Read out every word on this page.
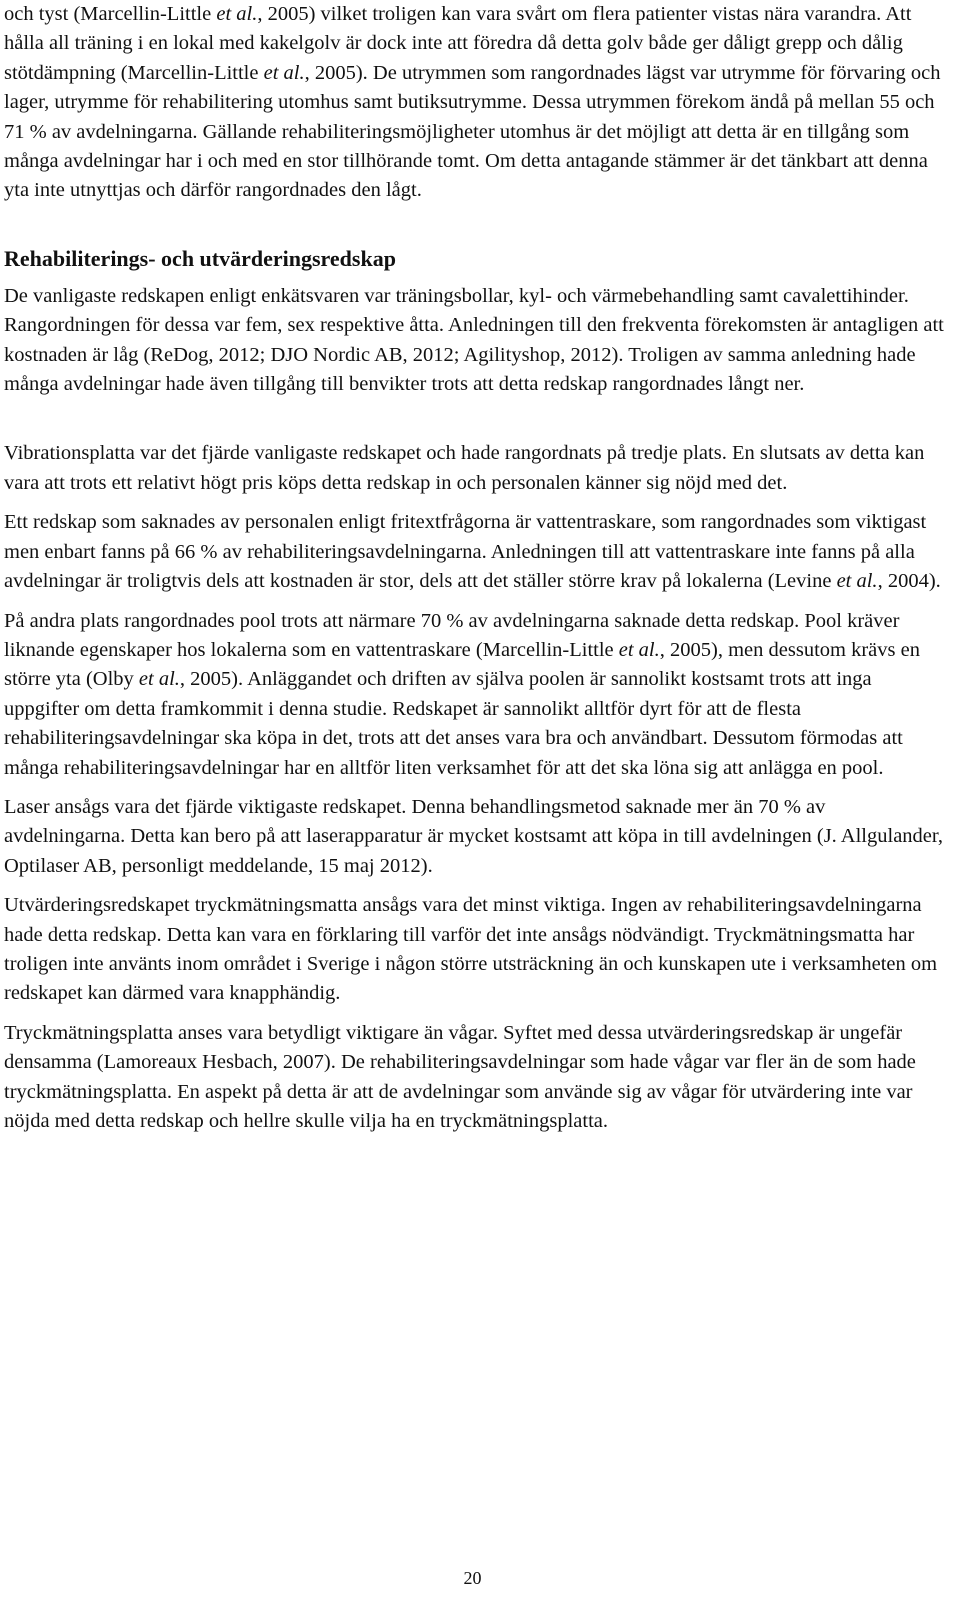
och tyst (Marcellin-Little et al., 2005) vilket troligen kan vara svårt om flera patienter vistas nära varandra. Att hålla all träning i en lokal med kakelgolv är dock inte att föredra då detta golv både ger dåligt grepp och dålig stötdämpning (Marcellin-Little et al., 2005). De utrymmen som rangordnades lägst var utrymme för förvaring och lager, utrymme för rehabilitering utomhus samt butiksutrymme. Dessa utrymmen förekom ändå på mellan 55 och 71 % av avdelningarna. Gällande rehabiliteringsmöjligheter utomhus är det möjligt att detta är en tillgång som många avdelningar har i och med en stor tillhörande tomt. Om detta antagande stämmer är det tänkbart att denna yta inte utnyttjas och därför rangordnades den lågt.

Rehabiliterings- och utvärderingsredskap

De vanligaste redskapen enligt enkätsvaren var träningsbollar, kyl- och värmebehandling samt cavalettihinder. Rangordningen för dessa var fem, sex respektive åtta. Anledningen till den frekventa förekomsten är antagligen att kostnaden är låg (ReDog, 2012; DJO Nordic AB, 2012; Agilityshop, 2012). Troligen av samma anledning hade många avdelningar hade även tillgång till benvikter trots att detta redskap rangordnades långt ner.

Vibrationsplatta var det fjärde vanligaste redskapet och hade rangordnats på tredje plats. En slutsats av detta kan vara att trots ett relativt högt pris köps detta redskap in och personalen känner sig nöjd med det.

Ett redskap som saknades av personalen enligt fritextfrågorna är vattentraskare, som rangordnades som viktigast men enbart fanns på 66 % av rehabiliteringsavdelningarna. Anledningen till att vattentraskare inte fanns på alla avdelningar är troligtvis dels att kostnaden är stor, dels att det ställer större krav på lokalerna (Levine et al., 2004).

På andra plats rangordnades pool trots att närmare 70 % av avdelningarna saknade detta redskap. Pool kräver liknande egenskaper hos lokalerna som en vattentraskare (Marcellin-Little et al., 2005), men dessutom krävs en större yta (Olby et al., 2005). Anläggandet och driften av själva poolen är sannolikt kostsamt trots att inga uppgifter om detta framkommit i denna studie. Redskapet är sannolikt alltför dyrt för att de flesta rehabiliteringsavdelningar ska köpa in det, trots att det anses vara bra och användbart. Dessutom förmodas att många rehabiliteringsavdelningar har en alltför liten verksamhet för att det ska löna sig att anlägga en pool.

Laser ansågs vara det fjärde viktigaste redskapet. Denna behandlingsmetod saknade mer än 70 % av avdelningarna. Detta kan bero på att laserapparatur är mycket kostsamt att köpa in till avdelningen (J. Allgulander, Optilaser AB, personligt meddelande, 15 maj 2012).

Utvärderingsredskapet tryckmätningsmatta ansågs vara det minst viktiga. Ingen av rehabiliteringsavdelningarna hade detta redskap. Detta kan vara en förklaring till varför det inte ansågs nödvändigt. Tryckmätningsmatta har troligen inte använts inom området i Sverige i någon större utsträckning än och kunskapen ute i verksamheten om redskapet kan därmed vara knapphändig.

Tryckmätningsplatta anses vara betydligt viktigare än vågar. Syftet med dessa utvärderingsredskap är ungefär densamma (Lamoreaux Hesbach, 2007). De rehabiliteringsavdelningar som hade vågar var fler än de som hade tryckmätningsplatta. En aspekt på detta är att de avdelningar som använde sig av vågar för utvärdering inte var nöjda med detta redskap och hellre skulle vilja ha en tryckmätningsplatta.

20
